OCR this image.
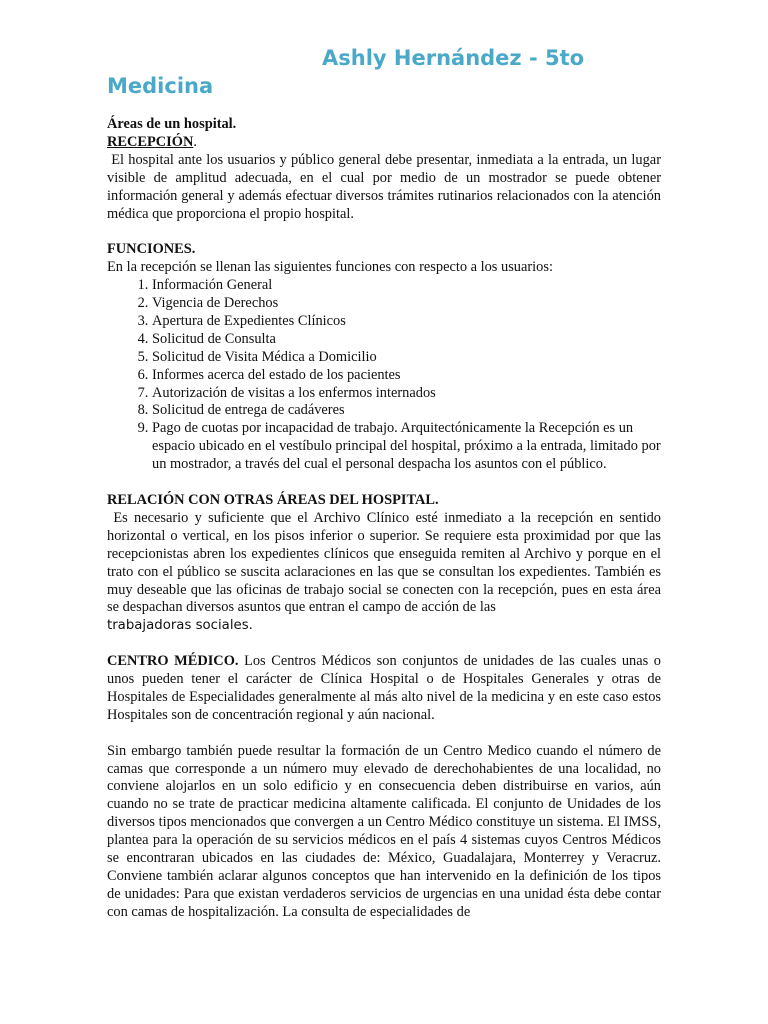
Ashly Hernández - 5to Medicina

Áreas de un hospital.

RECEPCIÓN.

El hospital ante los usuarios y público general debe presentar, inmediata a la entrada, un lugar visible de amplitud adecuada, en el cual por medio de un mostrador se puede obtener información general y además efectuar diversos trámites rutinarios relacionados con la atención médica que proporciona el propio hospital.

FUNCIONES.

En la recepción se llenan las siguientes funciones con respecto a los usuarios:

1. Información General
2. Vigencia de Derechos
3. Apertura de Expedientes Clínicos
4. Solicitud de Consulta
5. Solicitud de Visita Médica a Domicilio
6. Informes acerca del estado de los pacientes
7. Autorización de visitas a los enfermos internados
8. Solicitud de entrega de cadáveres
9. Pago de cuotas por incapacidad de trabajo. Arquitectónicamente la Recepción es un espacio ubicado en el vestíbulo principal del hospital, próximo a la entrada, limitado por un mostrador, a través del cual el personal despacha los asuntos con el público.

RELACIÓN CON OTRAS ÁREAS DEL HOSPITAL.

Es necesario y suficiente que el Archivo Clínico esté inmediato a la recepción en sentido horizontal o vertical, en los pisos inferior o superior. Se requiere esta proximidad por que las recepcionistas abren los expedientes clínicos que enseguida remiten al Archivo y porque en el trato con el público se suscita aclaraciones en las que se consultan los expedientes. También es muy deseable que las oficinas de trabajo social se conecten con la recepción, pues en esta área se despachan diversos asuntos que entran el campo de acción de las

trabajadoras sociales.

CENTRO MÉDICO. Los Centros Médicos son conjuntos de unidades de las cuales unas o unos pueden tener el carácter de Clínica Hospital o de Hospitales Generales y otras de Hospitales de Especialidades generalmente al más alto nivel de la medicina y en este caso estos Hospitales son de concentración regional y aún nacional.

Sin embargo también puede resultar la formación de un Centro Medico cuando el número de camas que corresponde a un número muy elevado de derechohabientes de una localidad, no conviene alojarlos en un solo edificio y en consecuencia deben distribuirse en varios, aún cuando no se trate de practicar medicina altamente calificada. El conjunto de Unidades de los diversos tipos mencionados que convergen a un Centro Médico constituye un sistema. El IMSS, plantea para la operación de su servicios médicos en el país 4 sistemas cuyos Centros Médicos se encontraran ubicados en las ciudades de: México, Guadalajara, Monterrey y Veracruz. Conviene también aclarar algunos conceptos que han intervenido en la definición de los tipos de unidades: Para que existan verdaderos servicios de urgencias en una unidad ésta debe contar con camas de hospitalización. La consulta de especialidades de
